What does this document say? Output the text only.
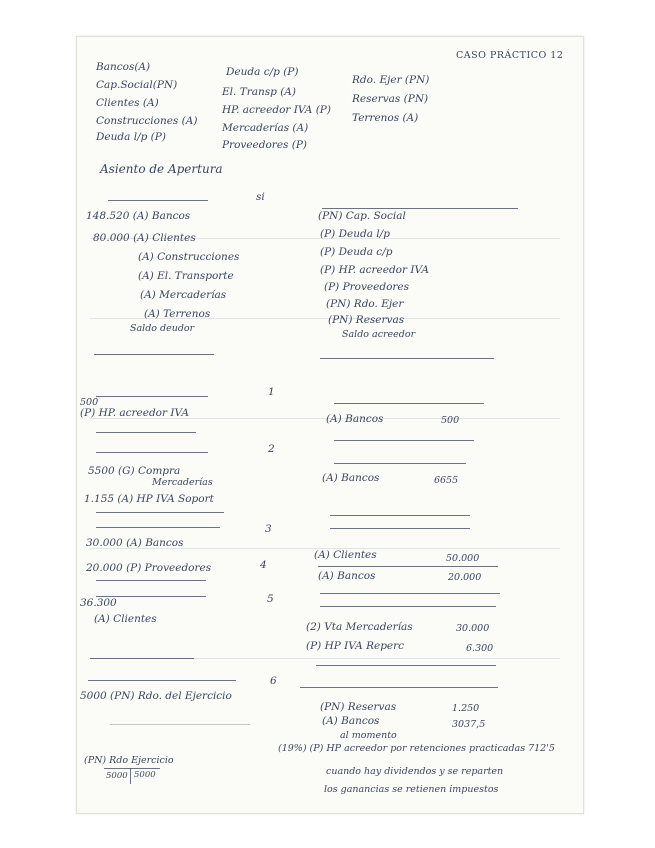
CASO PRÁCTICO 12
Bancos(A)
Cap.Social(PN)
Clientes (A)
Construcciones (A)
Deuda l/p (P)
Deuda c/p (P)
El. Transp (A)
HP. acreedor IVA (P)
Mercaderías (A)
Proveedores (P)
Rdo. Ejer (PN)
Reservas (PN)
Terrenos (A)
Asiento de Apertura
si
148.520 (A) Bancos
80.000 (A) Clientes
(A) Construcciones
(A) El. Transporte
(A) Mercaderías
(A) Terrenos
Saldo deudor
(PN) Cap. Social
(P) Deuda l/p
(P) Deuda c/p
(P) HP. acreedor IVA
(P) Proveedores
(PN) Rdo. Ejer
(PN) Reservas
Saldo acreedor
1
500
(P) HP. acreedor IVA	(A) Bancos	500
2
5500 (G) Compra
Mercaderías
1.155 (A) HP IVA Soport
(A) Bancos	6655
3
30.000 (A) Bancos
(A) Clientes	50.000
4
20.000 (P) Proveedores
(A) Bancos	20.000
5
36.300
(A) Clientes
(2) Vta Mercaderías	30.000
(P) HP IVA Reperc	6.300
6
5000 (PN) Rdo. del Ejercicio
(PN) Reservas	1.250
(A) Bancos	3037,5
al momento
(19%) (P) HP acreedor por retenciones practicadas 712'5
cuando hay dividendos y se reparten
los ganancias se retienen impuestos
(PN) Rdo Ejercicio
5000 5000
